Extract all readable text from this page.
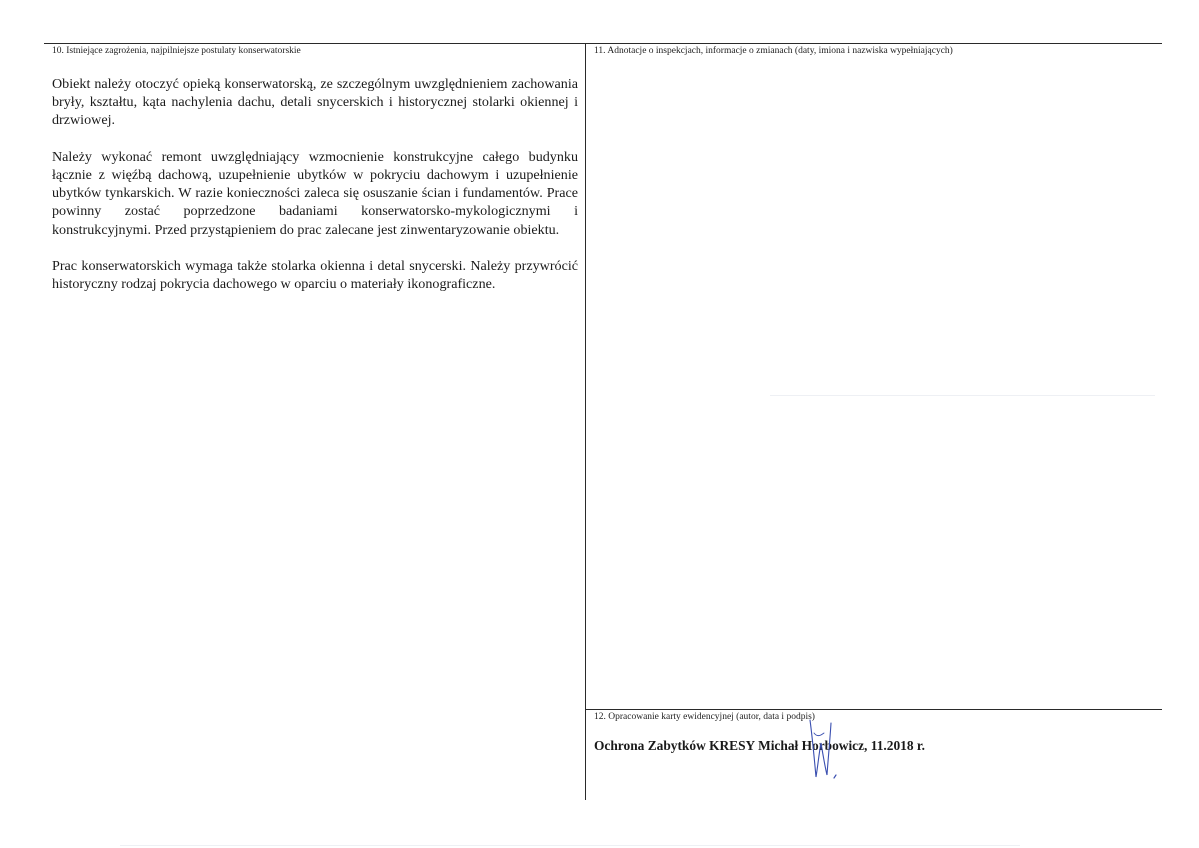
10. Istniejące zagrożenia, najpilniejsze postulaty konserwatorskie

Obiekt należy otoczyć opieką konserwatorską, ze szczególnym uwzględnieniem zachowania bryły, kształtu, kąta nachylenia dachu, detali snycerskich i historycznej stolarki okiennej i drzwiowej.

Należy wykonać remont uwzględniający wzmocnienie konstrukcyjne całego budynku łącznie z więźbą dachową, uzupełnienie ubytków w pokryciu dachowym i uzupełnienie ubytków tynkarskich. W razie konieczności zaleca się osuszanie ścian i fundamentów. Prace powinny zostać poprzedzone badaniami konserwatorsko-mykologicznymi i konstrukcyjnymi. Przed przystąpieniem do prac zalecane jest zinwentaryzowanie obiektu.

Prac konserwatorskich wymaga także stolarka okienna i detal snycerski. Należy przywrócić historyczny rodzaj pokrycia dachowego w oparciu o materiały ikonograficzne.

11. Adnotacje o inspekcjach, informacje o zmianach (daty, imiona i nazwiska wypełniających)
12. Opracowanie karty ewidencyjnej (autor, data i podpis)
Ochrona Zabytków KRESY Michał Horbowicz, 11.2018 r.
